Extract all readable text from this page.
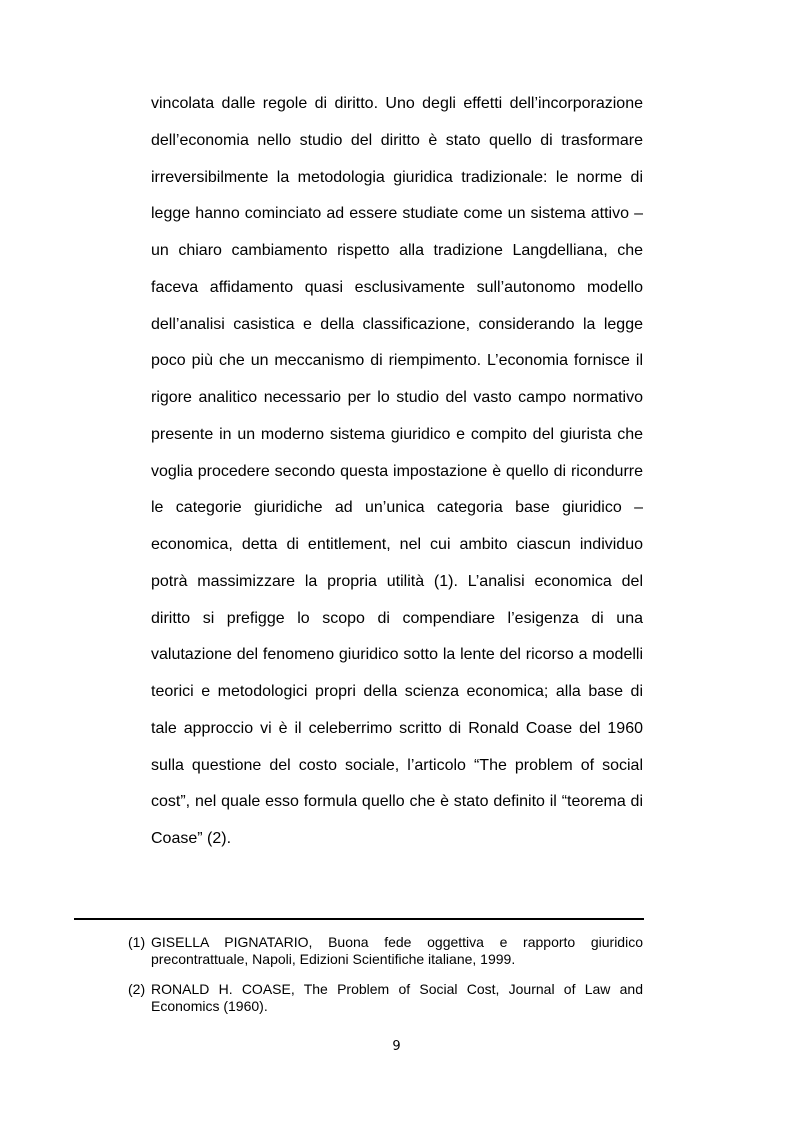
vincolata dalle regole di diritto. Uno degli effetti dell’incorporazione
dell’economia nello studio del diritto è stato quello di trasformare
irreversibilmente la metodologia giuridica tradizionale: le norme di
legge hanno cominciato ad essere studiate come un sistema attivo –
un chiaro cambiamento rispetto alla tradizione Langdelliana, che
faceva affidamento quasi esclusivamente sull’autonomo modello
dell’analisi casistica e della classificazione, considerando la legge
poco più che un meccanismo di riempimento. L’economia fornisce il
rigore analitico necessario per lo studio del vasto campo normativo
presente in un moderno sistema giuridico e compito del giurista che
voglia procedere secondo questa impostazione è quello di ricondurre
le categorie giuridiche ad un’unica categoria base giuridico –
economica, detta di entitlement, nel cui ambito ciascun individuo
potrà massimizzare la propria utilità (1). L’analisi economica del
diritto si prefigge lo scopo di compendiare l’esigenza di una
valutazione del fenomeno giuridico sotto la lente del ricorso a modelli
teorici e metodologici propri della scienza economica; alla base di
tale approccio vi è il celeberrimo scritto di Ronald Coase del 1960
sulla questione del costo sociale, l’articolo “The problem of social
cost”, nel quale esso formula quello che è stato definito il “teorema di
Coase” (2).
(1) GISELLA PIGNATARIO, Buona fede oggettiva e rapporto giuridico
precontrattuale, Napoli, Edizioni Scientifiche italiane, 1999.
(2) RONALD H. COASE, The Problem of Social Cost, Journal of Law and
Economics (1960).
9
